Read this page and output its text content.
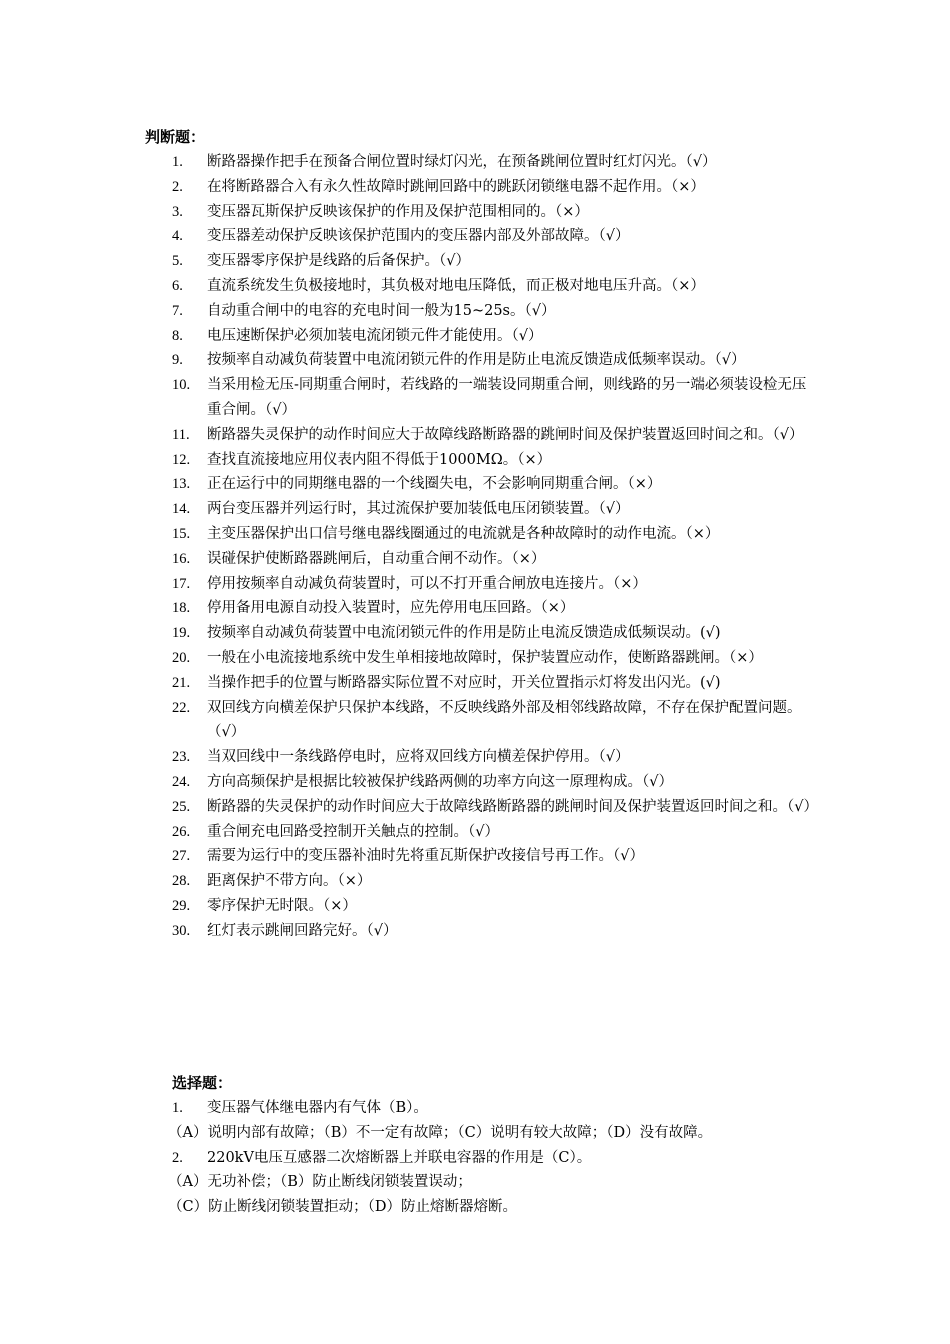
判断题：
1. 断路器操作把手在预备合闸位置时绿灯闪光，在预备跳闸位置时红灯闪光。（√）
2. 在将断路器合入有永久性故障时跳闸回路中的跳跃闭锁继电器不起作用。（×）
3. 变压器瓦斯保护反映该保护的作用及保护范围相同的。（×）
4. 变压器差动保护反映该保护范围内的变压器内部及外部故障。（√）
5. 变压器零序保护是线路的后备保护。（√）
6. 直流系统发生负极接地时，其负极对地电压降低，而正极对地电压升高。（×）
7. 自动重合闸中的电容的充电时间一般为15~25s。（√）
8. 电压速断保护必须加装电流闭锁元件才能使用。（√）
9. 按频率自动减负荷装置中电流闭锁元件的作用是防止电流反馈造成低频率误动。（√）
10. 当采用检无压-同期重合闸时，若线路的一端装设同期重合闸，则线路的另一端必须装设检无压重合闸。（√）
11. 断路器失灵保护的动作时间应大于故障线路断路器的跳闸时间及保护装置返回时间之和。（√）
12. 查找直流接地应用仪表内阻不得低于1000MΩ。（×）
13. 正在运行中的同期继电器的一个线圈失电，不会影响同期重合闸。（×）
14. 两台变压器并列运行时，其过流保护要加装低电压闭锁装置。（√）
15. 主变压器保护出口信号继电器线圈通过的电流就是各种故障时的动作电流。（×）
16. 误碰保护使断路器跳闸后，自动重合闸不动作。（×）
17. 停用按频率自动减负荷装置时，可以不打开重合闸放电连接片。（×）
18. 停用备用电源自动投入装置时，应先停用电压回路。（×）
19. 按频率自动减负荷装置中电流闭锁元件的作用是防止电流反馈造成低频误动。(√)
20. 一般在小电流接地系统中发生单相接地故障时，保护装置应动作，使断路器跳闸。（×）
21. 当操作把手的位置与断路器实际位置不对应时，开关位置指示灯将发出闪光。(√)
22. 双回线方向横差保护只保护本线路，不反映线路外部及相邻线路故障，不存在保护配置问题。（√）
23. 当双回线中一条线路停电时，应将双回线方向横差保护停用。（√）
24. 方向高频保护是根据比较被保护线路两侧的功率方向这一原理构成。（√）
25. 断路器的失灵保护的动作时间应大于故障线路断路器的跳闸时间及保护装置返回时间之和。（√）
26. 重合闸充电回路受控制开关触点的控制。（√）
27. 需要为运行中的变压器补油时先将重瓦斯保护改接信号再工作。（√）
28. 距离保护不带方向。（×）
29. 零序保护无时限。（×）
30. 红灯表示跳闸回路完好。（√）
选择题：
1. 变压器气体继电器内有气体（B）。
（A）说明内部有故障；（B）不一定有故障；（C）说明有较大故障；（D）没有故障。
2. 220kV电压互感器二次熔断器上并联电容器的作用是（C）。
（A）无功补偿；（B）防止断线闭锁装置误动；
（C）防止断线闭锁装置拒动；（D）防止熔断器熔断。
